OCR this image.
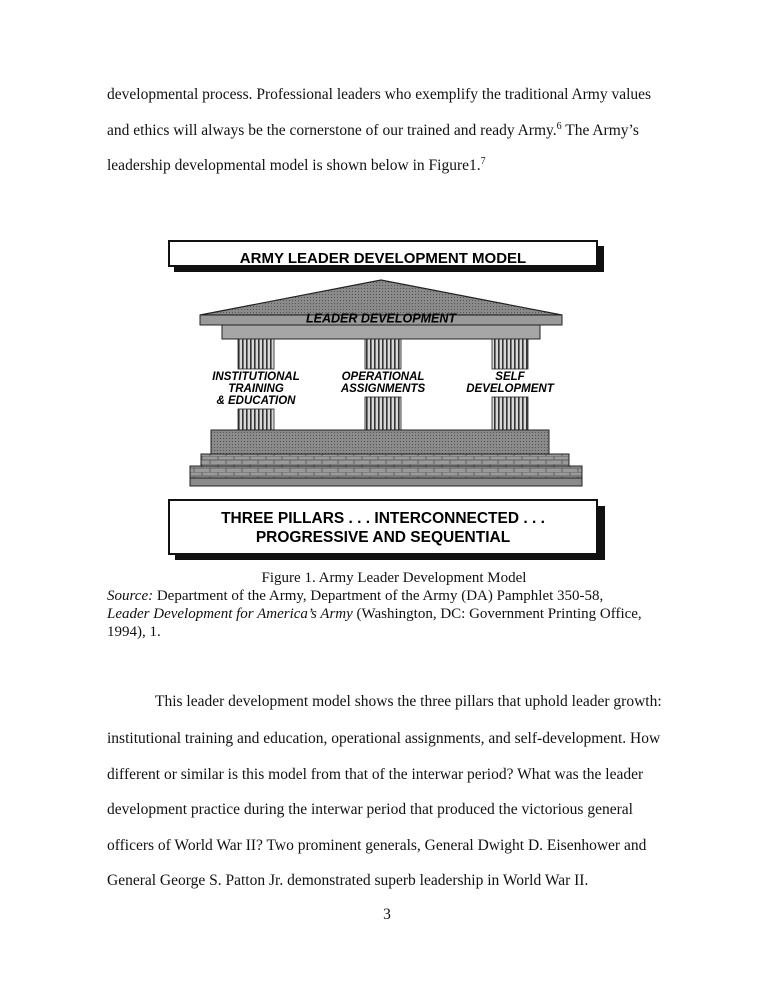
developmental process. Professional leaders who exemplify the traditional Army values
and ethics will always be the cornerstone of our trained and ready Army.$^6$ The Army’s
leadership developmental model is shown below in Figure1.$^7$
ARMY LEADER DEVELOPMENT MODEL
LEADER DEVELOPMENT
INSTITUTIONAL
TRAINING
& EDUCATION
OPERATIONAL
ASSIGNMENTS
SELF
DEVELOPMENT
THREE PILLARS . . . INTERCONNECTED . . .
PROGRESSIVE AND SEQUENTIAL
Figure 1. Army Leader Development Model
Source: Department of the Army, Department of the Army (DA) Pamphlet 350-58,
Leader Development for America’s Army (Washington, DC: Government Printing Office,
1994), 1.
This leader development model shows the three pillars that uphold leader growth:
institutional training and education, operational assignments, and self-development. How
different or similar is this model from that of the interwar period? What was the leader
development practice during the interwar period that produced the victorious general
officers of World War II? Two prominent generals, General Dwight D. Eisenhower and
General George S. Patton Jr. demonstrated superb leadership in World War II.
3
